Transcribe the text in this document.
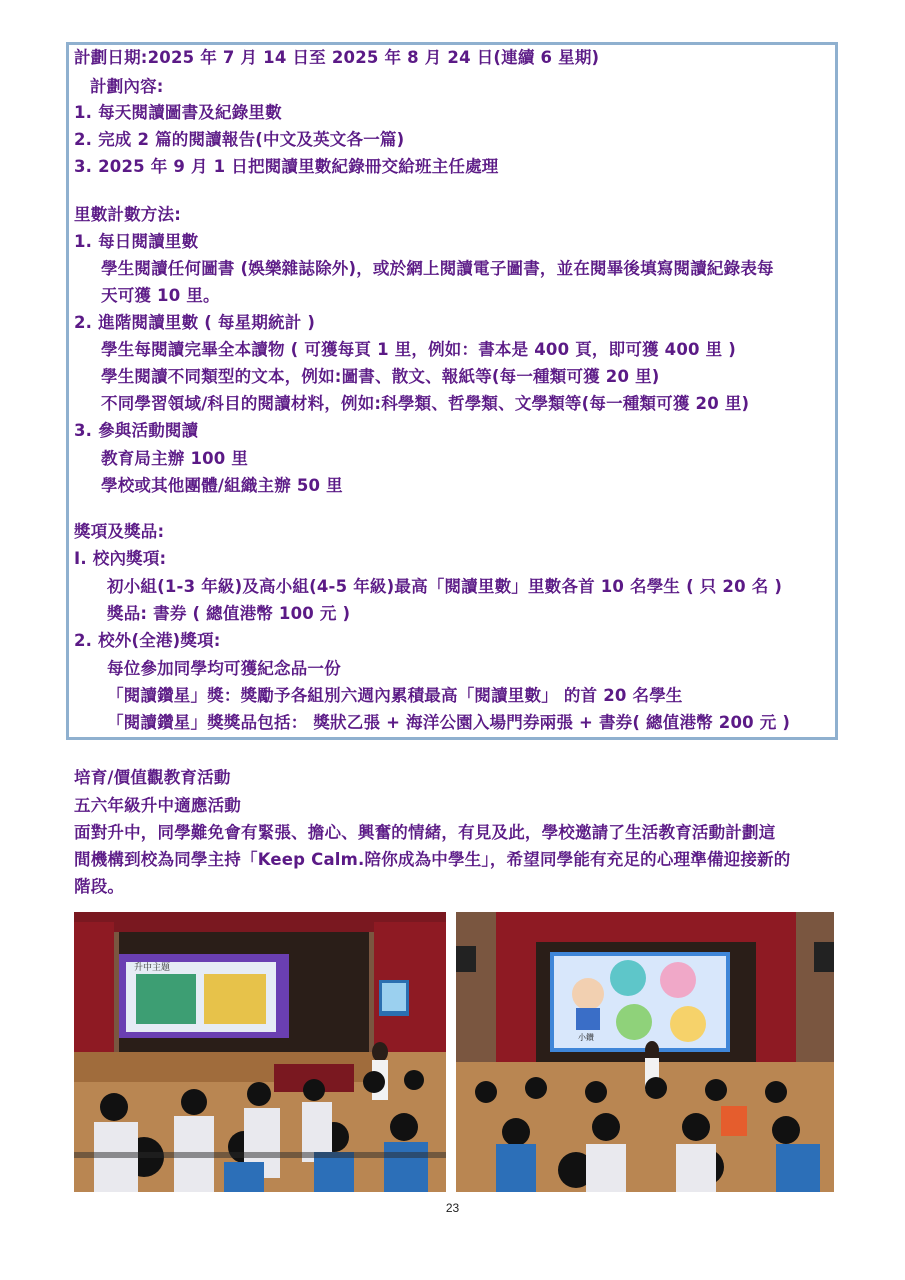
計劃日期:2025 年 7 月 14 日至 2025 年 8 月 24 日(連續 6 星期)
計劃內容:
1. 每天閱讀圖書及紀錄里數
2. 完成 2 篇的閱讀報告(中文及英文各一篇)
3. 2025 年 9 月 1 日把閱讀里數紀錄冊交給班主任處理
里數計數方法:
1. 每日閱讀里數
學生閱讀任何圖書 (娛樂雜誌除外)，或於網上閱讀電子圖書，並在閱畢後填寫閱讀紀錄表每
天可獲 10 里。
2. 進階閱讀里數 ( 每星期統計 )
學生每閱讀完畢全本讀物 ( 可獲每頁 1 里，例如：書本是 400 頁，即可獲 400 里 )
學生閱讀不同類型的文本，例如:圖書、散文、報紙等(每一種類可獲 20 里)
不同學習領域/科目的閱讀材料，例如:科學類、哲學類、文學類等(每一種類可獲 20 里)
3. 參與活動閱讀
教育局主辦 100 里
學校或其他團體/組織主辦 50 里
獎項及獎品:
I. 校內獎項:
初小組(1-3 年級)及高小組(4-5 年級)最高「閱讀里數」里數各首 10 名學生 ( 只 20 名 )
獎品: 書券 ( 總值港幣 100 元 )
2. 校外(全港)獎項:
每位參加同學均可獲紀念品一份
「閱讀鑽星」獎：獎勵予各組別六週內累積最高「閱讀里數」 的首 20 名學生
「閱讀鑽星」獎獎品包括： 獎狀乙張 + 海洋公園入場門券兩張 + 書券( 總值港幣 200 元 )
培育/價值觀教育活動
五六年級升中適應活動
面對升中，同學難免會有緊張、擔心、興奮的情緒，有見及此，學校邀請了生活教育活動計劃這
間機構到校為同學主持「Keep Calm.陪你成為中學生」，希望同學能有充足的心理準備迎接新的
階段。
升中主題
小鑽
23
